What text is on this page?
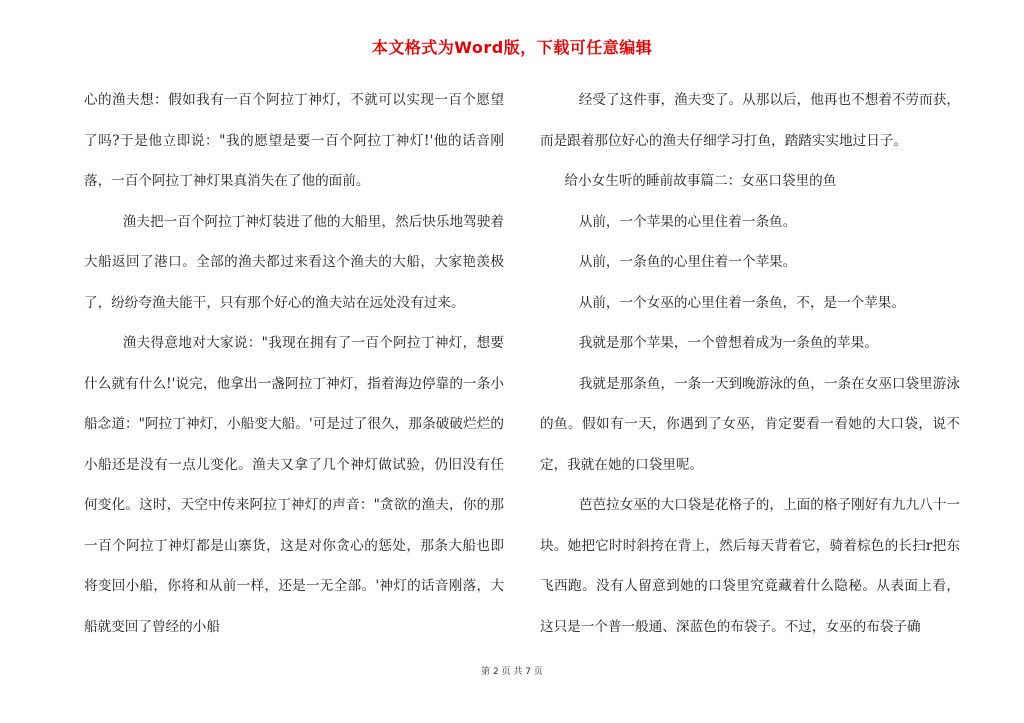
本文格式为Word版，下载可任意编辑

心的渔夫想：假如我有一百个阿拉丁神灯，不就可以实现一百个愿望了吗?于是他立即说："我的愿望是要一百个阿拉丁神灯!'他的话音刚落，一百个阿拉丁神灯果真消失在了他的面前。

渔夫把一百个阿拉丁神灯装进了他的大船里，然后快乐地驾驶着大船返回了港口。全部的渔夫都过来看这个渔夫的大船，大家艳羡极了，纷纷夸渔夫能干，只有那个好心的渔夫站在远处没有过来。

渔夫得意地对大家说："我现在拥有了一百个阿拉丁神灯，想要什么就有什么!'说完，他拿出一盏阿拉丁神灯，指着海边停靠的一条小船念道："阿拉丁神灯，小船变大船。'可是过了很久，那条破破烂烂的小船还是没有一点儿变化。渔夫又拿了几个神灯做试验，仍旧没有任何变化。这时，天空中传来阿拉丁神灯的声音："贪欲的渔夫，你的那一百个阿拉丁神灯都是山寨货，这是对你贪心的惩处，那条大船也即将变回小船，你将和从前一样，还是一无全部。'神灯的话音刚落，大船就变回了曾经的小船

经受了这件事，渔夫变了。从那以后，他再也不想着不劳而获，而是跟着那位好心的渔夫仔细学习打鱼，踏踏实实地过日子。

给小女生听的睡前故事篇二：女巫口袋里的鱼

从前，一个苹果的心里住着一条鱼。

从前，一条鱼的心里住着一个苹果。

从前，一个女巫的心里住着一条鱼，不，是一个苹果。

我就是那个苹果，一个曾想着成为一条鱼的苹果。

我就是那条鱼，一条一天到晚游泳的鱼，一条在女巫口袋里游泳的鱼。假如有一天，你遇到了女巫，肯定要看一看她的大口袋，说不定，我就在她的口袋里呢。

芭芭拉女巫的大口袋是花格子的，上面的格子刚好有九九八十一块。她把它时时斜挎在背上，然后每天背着它，骑着棕色的长扫r把东飞西跑。没有人留意到她的口袋里究竟藏着什么隐秘。从表面上看，这只是一个普一般通、深蓝色的布袋子。不过，女巫的布袋子确

第 2 页 共 7 页
